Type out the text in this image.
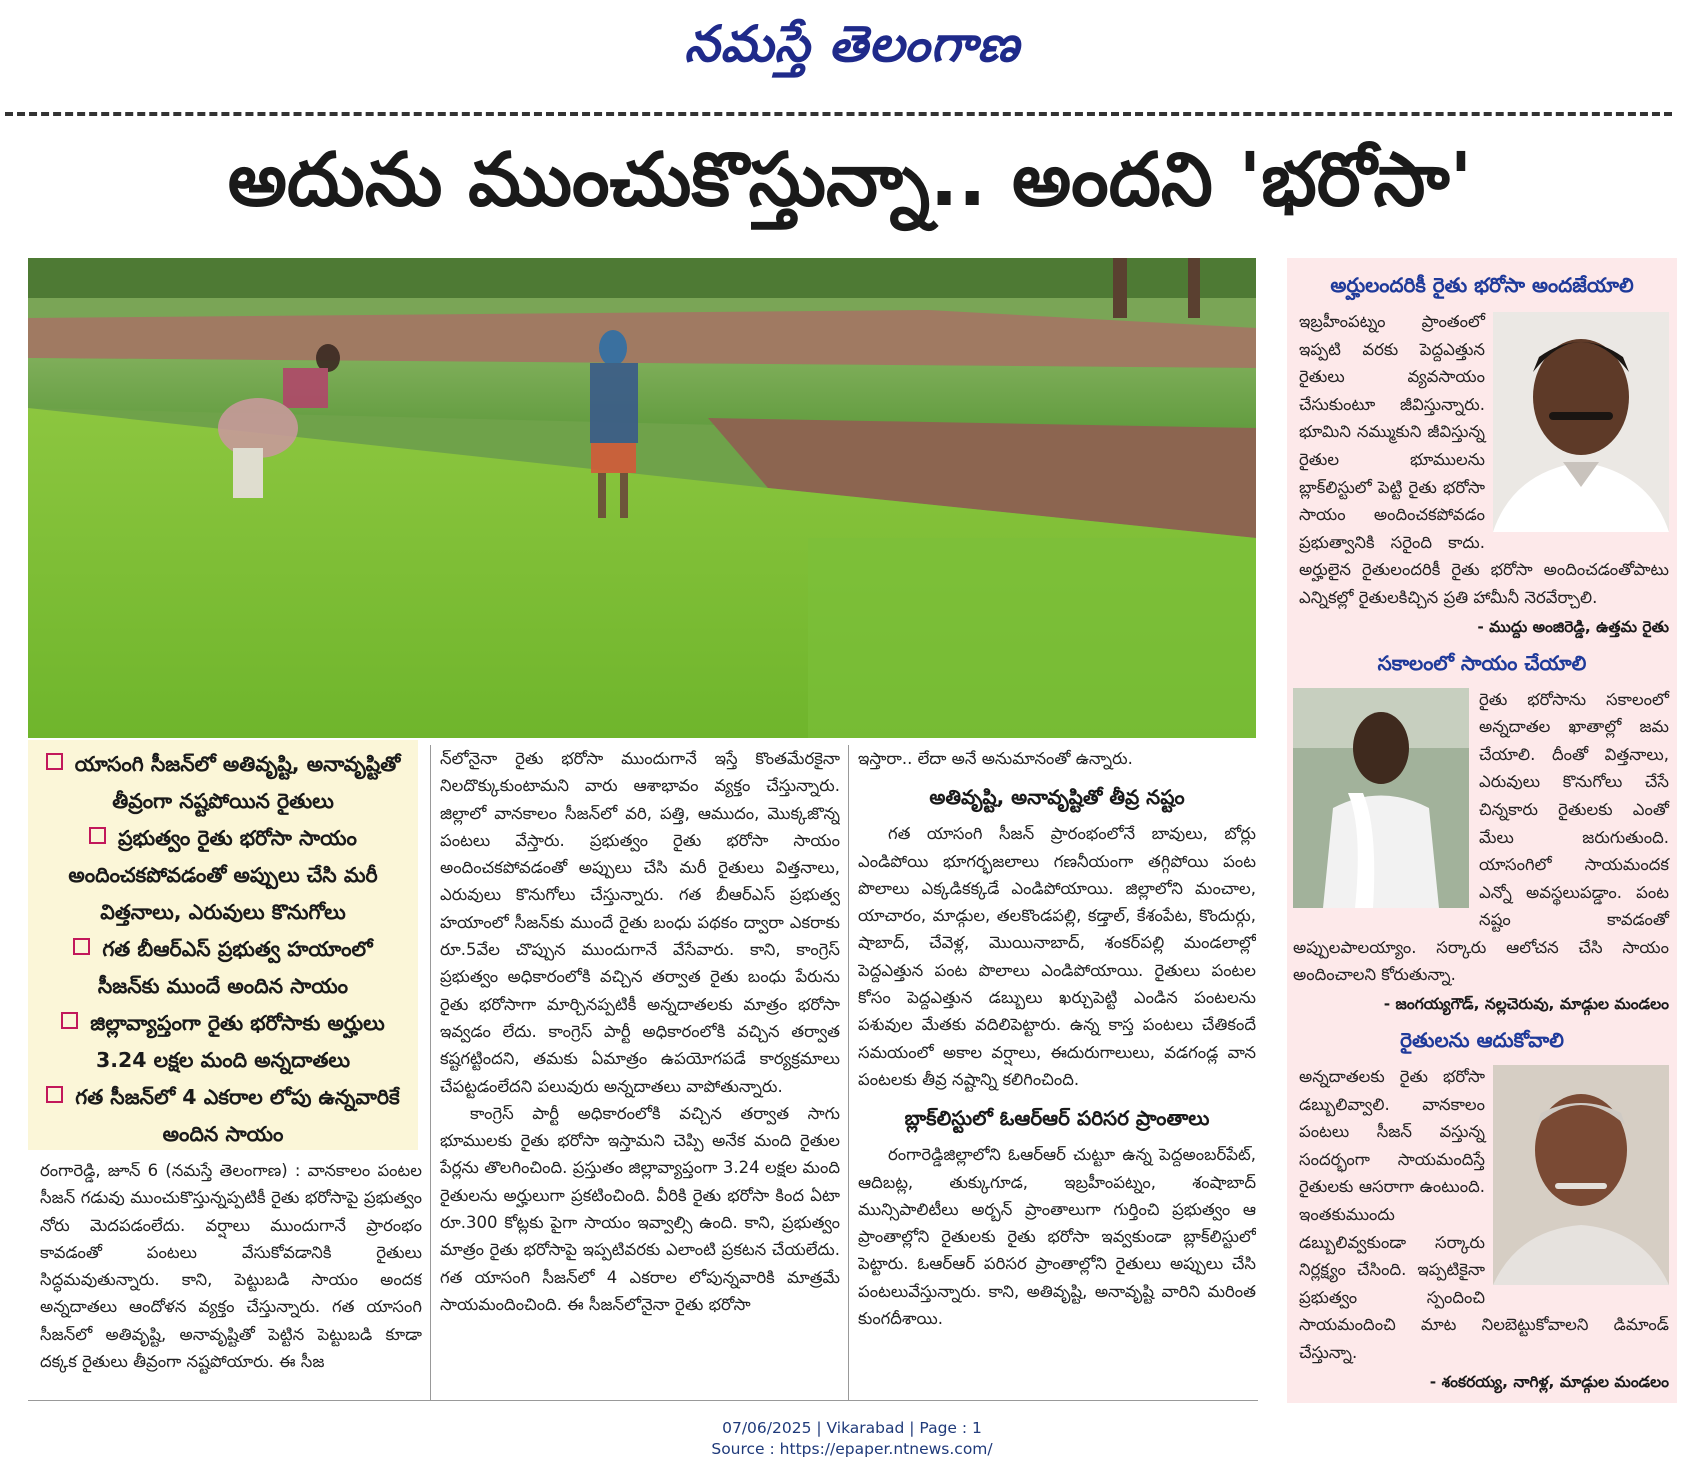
నమస్తే తెలంగాణ
అదును ముంచుకొస్తున్నా.. అందని 'భరోసా'
యాసంగి సీజన్‌లో అతివృష్టి, అనావృష్టితో తీవ్రంగా నష్టపోయిన రైతులు
ప్రభుత్వం రైతు భరోసా సాయం అందించకపోవడంతో అప్పులు చేసి మరీ విత్తనాలు, ఎరువులు కొనుగోలు
గత బీఆర్‌ఎస్ ప్రభుత్వ హయాంలో సీజన్‌కు ముందే అందిన సాయం
జిల్లావ్యాప్తంగా రైతు భరోసాకు అర్హులు 3.24 లక్షల మంది అన్నదాతలు
గత సీజన్‌లో 4 ఎకరాల లోపు ఉన్నవారికే అందిన సాయం

రంగారెడ్డి, జూన్ 6 (నమస్తే తెలంగాణ) : వానకాలం పంటల సీజన్ గడువు ముంచుకొస్తున్నప్పటికీ రైతు భరోసాపై ప్రభుత్వం నోరు మెదపడంలేదు. వర్షాలు ముందుగానే ప్రారంభం కావడంతో పంటలు వేసుకోవడానికి రైతులు సిద్ధమవుతున్నారు. కాని, పెట్టుబడి సాయం అందక అన్నదాతలు ఆందోళన వ్యక్తం చేస్తున్నారు. గత యాసంగి సీజన్‌లో అతివృష్టి, అనావృష్టితో పెట్టిన పెట్టుబడి కూడా దక్కక రైతులు తీవ్రంగా నష్టపోయారు. ఈ సీజ

న్‌లోనైనా రైతు భరోసా ముందుగానే ఇస్తే కొంతమేరకైనా నిలదొక్కుకుంటామని వారు ఆశాభావం వ్యక్తం చేస్తున్నారు. జిల్లాలో వానకాలం సీజన్‌లో వరి, పత్తి, ఆముదం, మొక్కజొన్న పంటలు వేస్తారు. ప్రభుత్వం రైతు భరోసా సాయం అందించకపోవడంతో అప్పులు చేసి మరీ రైతులు విత్తనాలు, ఎరువులు కొనుగోలు చేస్తున్నారు. గత బీఆర్ఎస్ ప్రభుత్వ హయాంలో సీజన్‌కు ముందే రైతు బంధు పథకం ద్వారా ఎకరాకు రూ.5వేల చొప్పున ముందుగానే వేసేవారు. కాని, కాంగ్రెస్ ప్రభుత్వం అధికారంలోకి వచ్చిన తర్వాత రైతు బంధు పేరును రైతు భరోసాగా మార్చినప్పటికీ అన్నదాతలకు మాత్రం భరోసా ఇవ్వడం లేదు. కాంగ్రెస్ పార్టీ అధికారంలోకి వచ్చిన తర్వాత కష్టగట్టిందని, తమకు ఏమాత్రం ఉపయోగపడే కార్యక్రమాలు చేపట్టడంలేదని పలువురు అన్నదాతలు వాపోతున్నారు.

కాంగ్రెస్ పార్టీ అధికారంలోకి వచ్చిన తర్వాత సాగు భూములకు రైతు భరోసా ఇస్తామని చెప్పి అనేక మంది రైతుల పేర్లను తొలగించింది. ప్రస్తుతం జిల్లావ్యాప్తంగా 3.24 లక్షల మంది రైతులను అర్హులుగా ప్రకటించింది. వీరికి రైతు భరోసా కింద ఏటా రూ.300 కోట్లకు పైగా సాయం ఇవ్వాల్సి ఉంది. కాని, ప్రభుత్వం మాత్రం రైతు భరోసాపై ఇప్పటివరకు ఎలాంటి ప్రకటన చేయలేదు. గత యాసంగి సీజన్‌లో 4 ఎకరాల లోపున్నవారికి మాత్రమే సాయమందించింది. ఈ సీజన్‌లోనైనా రైతు భరోసా

ఇస్తారా.. లేదా అనే అనుమానంతో ఉన్నారు.

అతివృష్టి, అనావృష్టితో తీవ్ర నష్టం

గత యాసంగి సీజన్ ప్రారంభంలోనే బావులు, బోర్లు ఎండిపోయి భూగర్భజలాలు గణనీయంగా తగ్గిపోయి పంట పొలాలు ఎక్కడికక్కడే ఎండిపోయాయి. జిల్లాలోని మంచాల, యాచారం, మాడ్గుల, తలకొండపల్లి, కడ్తాల్, కేశంపేట, కొందుర్గు, షాబాద్, చేవెళ్ల, మొయినాబాద్, శంకర్‌పల్లి మండలాల్లో పెద్దఎత్తున పంట పొలాలు ఎండిపోయాయి. రైతులు పంటల కోసం పెద్దఎత్తున డబ్బులు ఖర్చుపెట్టి ఎండిన పంటలను పశువుల మేతకు వదిలిపెట్టారు. ఉన్న కాస్త పంటలు చేతికందే సమయంలో అకాల వర్షాలు, ఈదురుగాలులు, వడగండ్ల వాన పంటలకు తీవ్ర నష్టాన్ని కలిగించింది.

బ్లాక్‌లిస్టులో ఓఆర్ఆర్ పరిసర ప్రాంతాలు

రంగారెడ్డిజిల్లాలోని ఓఆర్ఆర్ చుట్టూ ఉన్న పెద్దఅంబర్‌పేట్, ఆదిబట్ల, తుక్కుగూడ, ఇబ్రహీంపట్నం, శంషాబాద్ మున్సిపాలిటీలు అర్బన్ ప్రాంతాలుగా గుర్తించి ప్రభుత్వం ఆ ప్రాంతాల్లోని రైతులకు రైతు భరోసా ఇవ్వకుండా బ్లాక్‌లిస్టులో పెట్టారు. ఓఆర్ఆర్ పరిసర ప్రాంతాల్లోని రైతులు అప్పులు చేసి పంటలువేస్తున్నారు. కాని, అతివృష్టి, అనావృష్టి వారిని మరింత కుంగదీశాయి.

అర్హులందరికీ రైతు భరోసా అందజేయాలి
ఇబ్రహీంపట్నం ప్రాంతంలో ఇప్పటి వరకు పెద్దఎత్తున రైతులు వ్యవసాయం చేసుకుంటూ జీవిస్తున్నారు. భూమిని నమ్ముకుని జీవిస్తున్న రైతుల భూములను బ్లాక్‌లిస్టులో పెట్టి రైతు భరోసా సాయం అందించకపోవడం ప్రభుత్వానికి సరైంది కాదు. అర్హులైన రైతులందరికీ రైతు భరోసా అందించడంతోపాటు ఎన్నికల్లో రైతులకిచ్చిన ప్రతి హామీనీ నెరవేర్చాలి.
- ముద్దు అంజిరెడ్డి, ఉత్తమ రైతు
సకాలంలో సాయం చేయాలి
రైతు భరోసాను సకాలంలో అన్నదాతల ఖాతాల్లో జమ చేయాలి. దీంతో విత్తనాలు, ఎరువులు కొనుగోలు చేసే చిన్నకారు రైతులకు ఎంతో మేలు జరుగుతుంది. యాసంగిలో సాయమందక ఎన్నో అవస్థలుపడ్డాం. పంట నష్టం కావడంతో అప్పులపాలయ్యాం. సర్కారు ఆలోచన చేసి సాయం అందించాలని కోరుతున్నా.
- జంగయ్యగౌడ్, నల్లచెరువు, మాడ్గుల మండలం
రైతులను ఆదుకోవాలి
అన్నదాతలకు రైతు భరోసా డబ్బులివ్వాలి. వానకాలం పంటలు సీజన్ వస్తున్న సందర్భంగా సాయమందిస్తే రైతులకు ఆసరాగా ఉంటుంది. ఇంతకుముందు డబ్బులివ్వకుండా సర్కారు నిర్లక్ష్యం చేసింది. ఇప్పటికైనా ప్రభుత్వం స్పందించి సాయమందించి మాట నిలబెట్టుకోవాలని డిమాండ్ చేస్తున్నా.
- శంకరయ్య, నాగిళ్ల, మాడ్గుల మండలం
07/06/2025 | Vikarabad | Page : 1
Source : https://epaper.ntnews.com/
